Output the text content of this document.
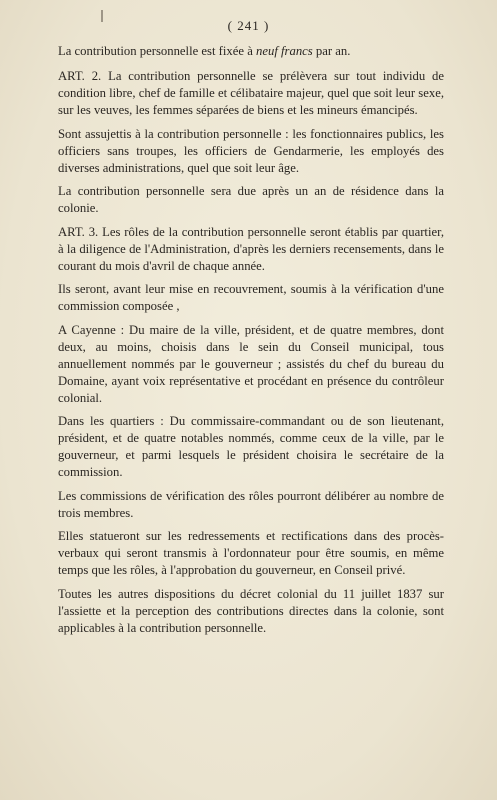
( 241 )

La contribution personnelle est fixée à neuf francs par an.

ART. 2. La contribution personnelle se prélèvera sur tout individu de condition libre, chef de famille et célibataire majeur, quel que soit leur sexe, sur les veuves, les femmes séparées de biens et les mineurs émancipés.

Sont assujettis à la contribution personnelle : les fonctionnaires publics, les officiers sans troupes, les officiers de Gendarmerie, les employés des diverses administrations, quel que soit leur âge.

La contribution personnelle sera due après un an de résidence dans la colonie.

ART. 3. Les rôles de la contribution personnelle seront établis par quartier, à la diligence de l'Administration, d'après les derniers recensements, dans le courant du mois d'avril de chaque année.

Ils seront, avant leur mise en recouvrement, soumis à la vérification d'une commission composée ,

A Cayenne : Du maire de la ville, président, et de quatre membres, dont deux, au moins, choisis dans le sein du Conseil municipal, tous annuellement nommés par le gouverneur ; assistés du chef du bureau du Domaine, ayant voix représentative et procédant en présence du contrôleur colonial.

Dans les quartiers : Du commissaire-commandant ou de son lieutenant, président, et de quatre notables nommés, comme ceux de la ville, par le gouverneur, et parmi lesquels le président choisira le secrétaire de la commission.

Les commissions de vérification des rôles pourront délibérer au nombre de trois membres.

Elles statueront sur les redressements et rectifications dans des procès-verbaux qui seront transmis à l'ordonnateur pour être soumis, en même temps que les rôles, à l'approbation du gouverneur, en Conseil privé.

Toutes les autres dispositions du décret colonial du 11 juillet 1837 sur l'assiette et la perception des contributions directes dans la colonie, sont applicables à la contribution personnelle.
